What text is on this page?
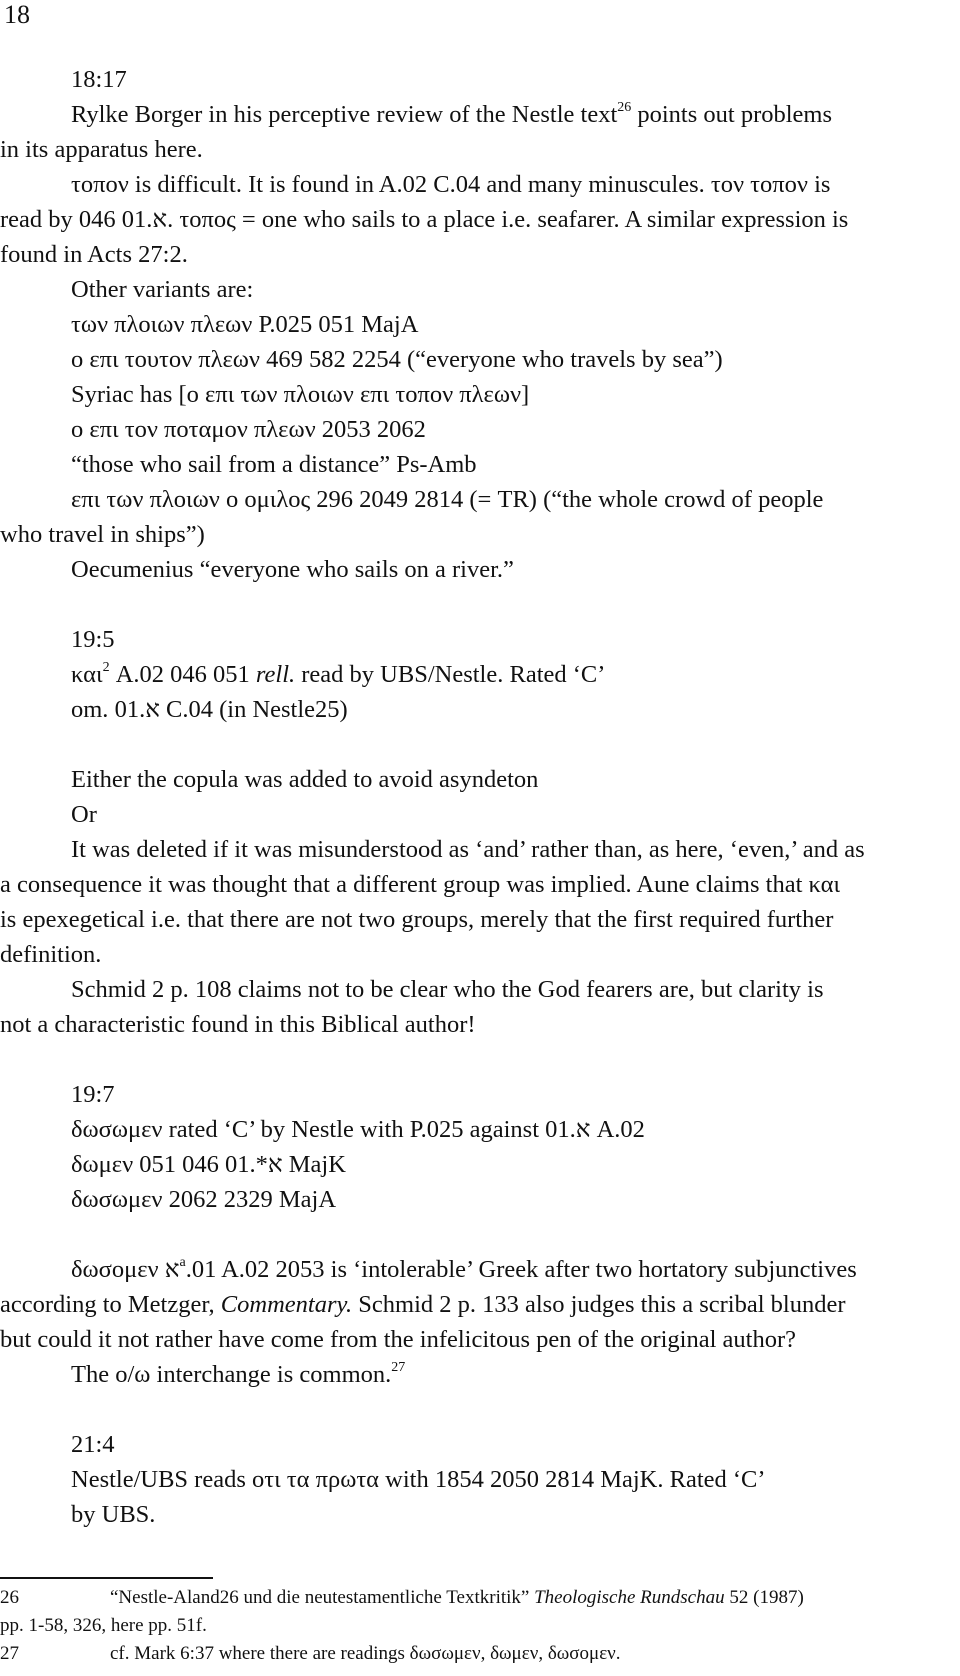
18
18:17
Rylke Borger in his perceptive review of the Nestle text$^{26}$ points out problems
in its apparatus here.
τοπον is difficult. It is found in A.02 C.04 and many minuscules. τον τοπον is
read by א.01 046. τοπος = one who sails to a place i.e. seafarer. A similar expression is
found in Acts 27:2.
Other variants are:
των πλοιων πλεων P.025 051 MajA
ο επι τουτον πλεων 469 582 2254 (“everyone who travels by sea”)
Syriac has [ο επι των πλοιων επι τοπον πλεων]
ο επι τον ποταμον πλεων 2053 2062
“those who sail from a distance” Ps-Amb
επι των πλοιων ο ομιλος 296 2049 2814 (= TR) (“the whole crowd of people
who travel in ships”)
Oecumenius “everyone who sails on a river.”
19:5
και$^2$ A.02 046 051 rell. read by UBS/Nestle. Rated ‘C’
om. א.01 C.04 (in Nestle25)
Either the copula was added to avoid asyndeton
Or
It was deleted if it was misunderstood as ‘and’ rather than, as here, ‘even,’ and as
a consequence it was thought that a different group was implied. Aune claims that και
is epexegetical i.e. that there are not two groups, merely that the first required further
definition.
Schmid 2 p. 108 claims not to be clear who the God fearers are, but clarity is
not a characteristic found in this Biblical author!
19:7
δωσωμεν rated ‘C’ by Nestle with P.025 against א.01 A.02
δωμεν א*.01 046 051 MajK
δωσωμεν 2062 2329 MajA
δωσομεν א$^a$.01 A.02 2053 is ‘intolerable’ Greek after two hortatory subjunctives
according to Metzger, Commentary. Schmid 2 p. 133 also judges this a scribal blunder
but could it not rather have come from the infelicitous pen of the original author?
The o/ω interchange is common.$^{27}$
21:4
Nestle/UBS reads οτι τα πρωτα with 1854 2050 2814 MajK. Rated ‘C’
by UBS.
26	“Nestle-Aland26 und die neutestamentliche Textkritik” Theologische Rundschau 52 (1987)
pp. 1-58, 326, here pp. 51f.
27	cf. Mark 6:37 where there are readings δωσωμεν, δωμεν, δωσομεν.
